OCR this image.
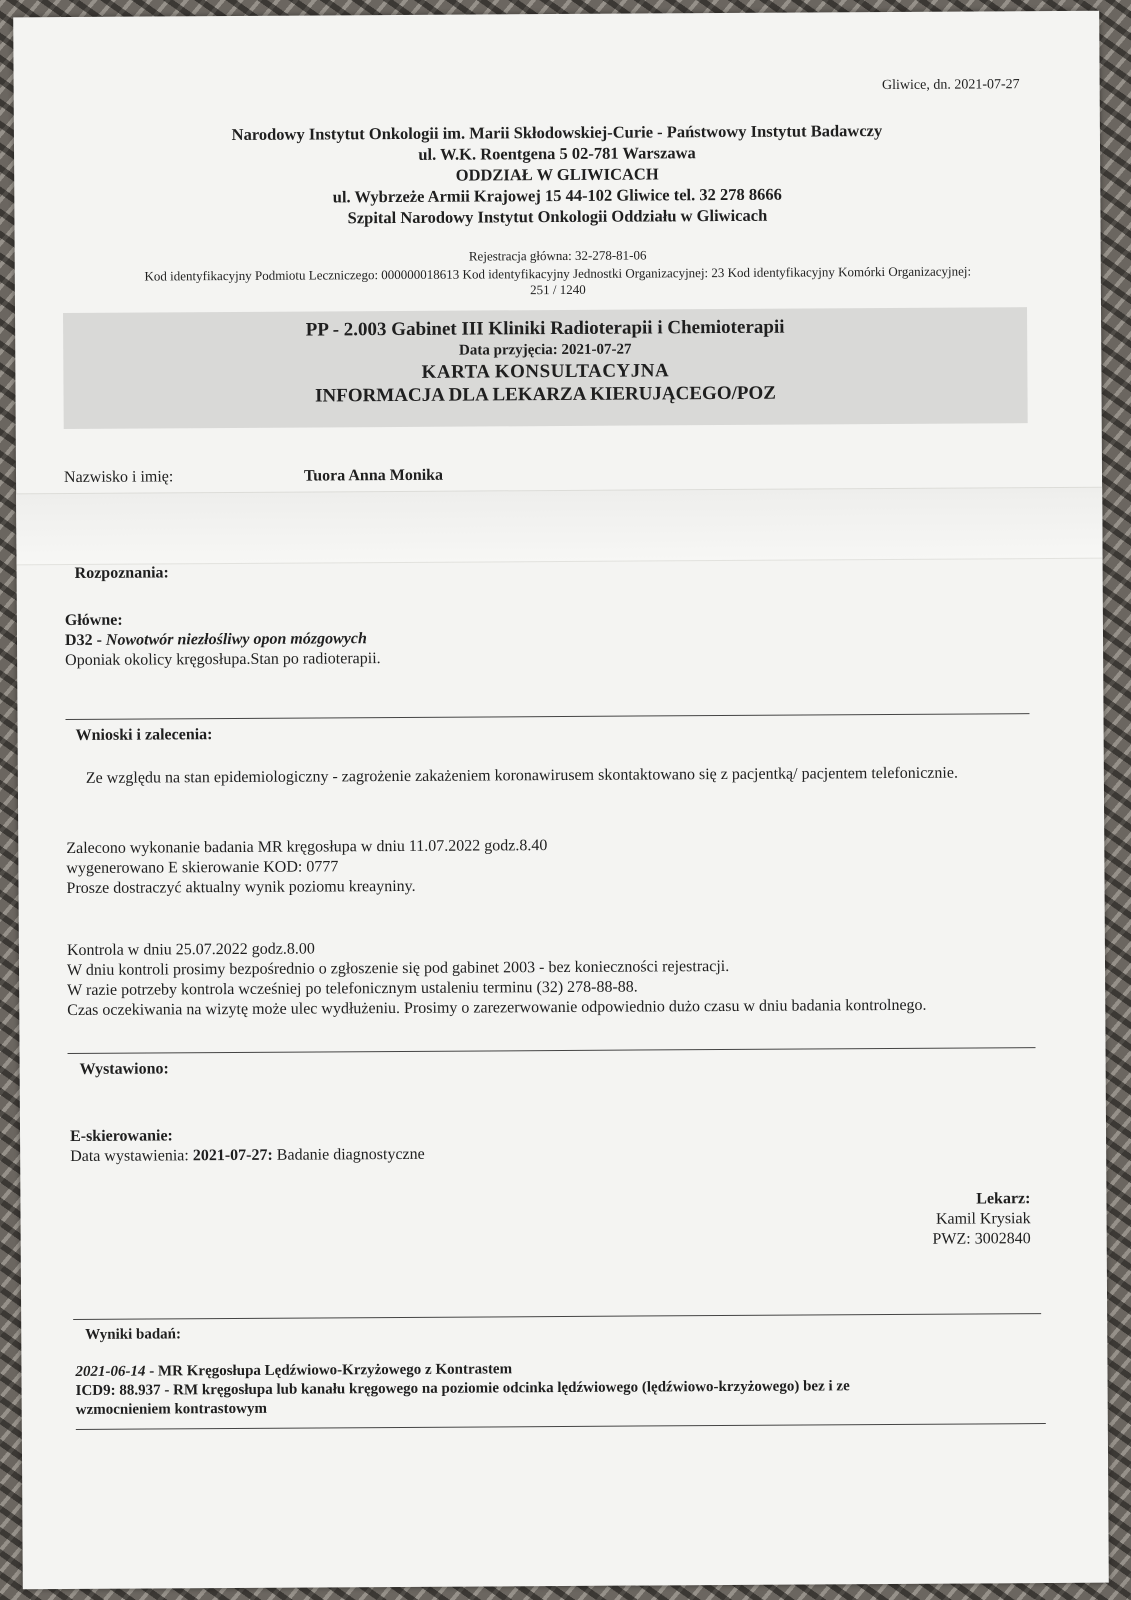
Gliwice, dn. 2021-07-27
Narodowy Instytut Onkologii im. Marii Skłodowskiej-Curie - Państwowy Instytut Badawczy
ul. W.K. Roentgena 5 02-781 Warszawa
ODDZIAŁ W GLIWICACH
ul. Wybrzeże Armii Krajowej 15 44-102 Gliwice tel. 32 278 8666
Szpital Narodowy Instytut Onkologii Oddziału w Gliwicach
Rejestracja główna: 32-278-81-06
Kod identyfikacyjny Podmiotu Leczniczego: 000000018613 Kod identyfikacyjny Jednostki Organizacyjnej: 23 Kod identyfikacyjny Komórki Organizacyjnej:
251 / 1240
PP - 2.003 Gabinet III Kliniki Radioterapii i Chemioterapii
Data przyjęcia: 2021-07-27
KARTA KONSULTACYJNA
INFORMACJA DLA LEKARZA KIERUJĄCEGO/POZ
Nazwisko i imię:	Tuora Anna Monika
Rozpoznania:
Główne:
D32 - Nowotwór niezłośliwy opon mózgowych
Oponiak okolicy kręgosłupa.Stan po radioterapii.
Wnioski i zalecenia:
Ze względu na stan epidemiologiczny - zagrożenie zakażeniem koronawirusem skontaktowano się z pacjentką/ pacjentem telefonicznie.
Zalecono wykonanie badania MR kręgosłupa w dniu 11.07.2022 godz.8.40
wygenerowano E skierowanie KOD: 0777
Prosze dostraczyć aktualny wynik poziomu kreayniny.
Kontrola w dniu 25.07.2022 godz.8.00
W dniu kontroli prosimy bezpośrednio o zgłoszenie się pod gabinet 2003 - bez konieczności rejestracji.
W razie potrzeby kontrola wcześniej po telefonicznym ustaleniu terminu (32) 278-88-88.
Czas oczekiwania na wizytę może ulec wydłużeniu. Prosimy o zarezerwowanie odpowiednio dużo czasu w dniu badania kontrolnego.
Wystawiono:
E-skierowanie:
Data wystawienia: 2021-07-27: Badanie diagnostyczne
Lekarz:
Kamil Krysiak
PWZ: 3002840
Wyniki badań:
2021-06-14 - MR Kręgosłupa Lędźwiowo-Krzyżowego z Kontrastem
ICD9: 88.937 - RM kręgosłupa lub kanału kręgowego na poziomie odcinka lędźwiowego (lędźwiowo-krzyżowego) bez i ze
wzmocnieniem kontrastowym
